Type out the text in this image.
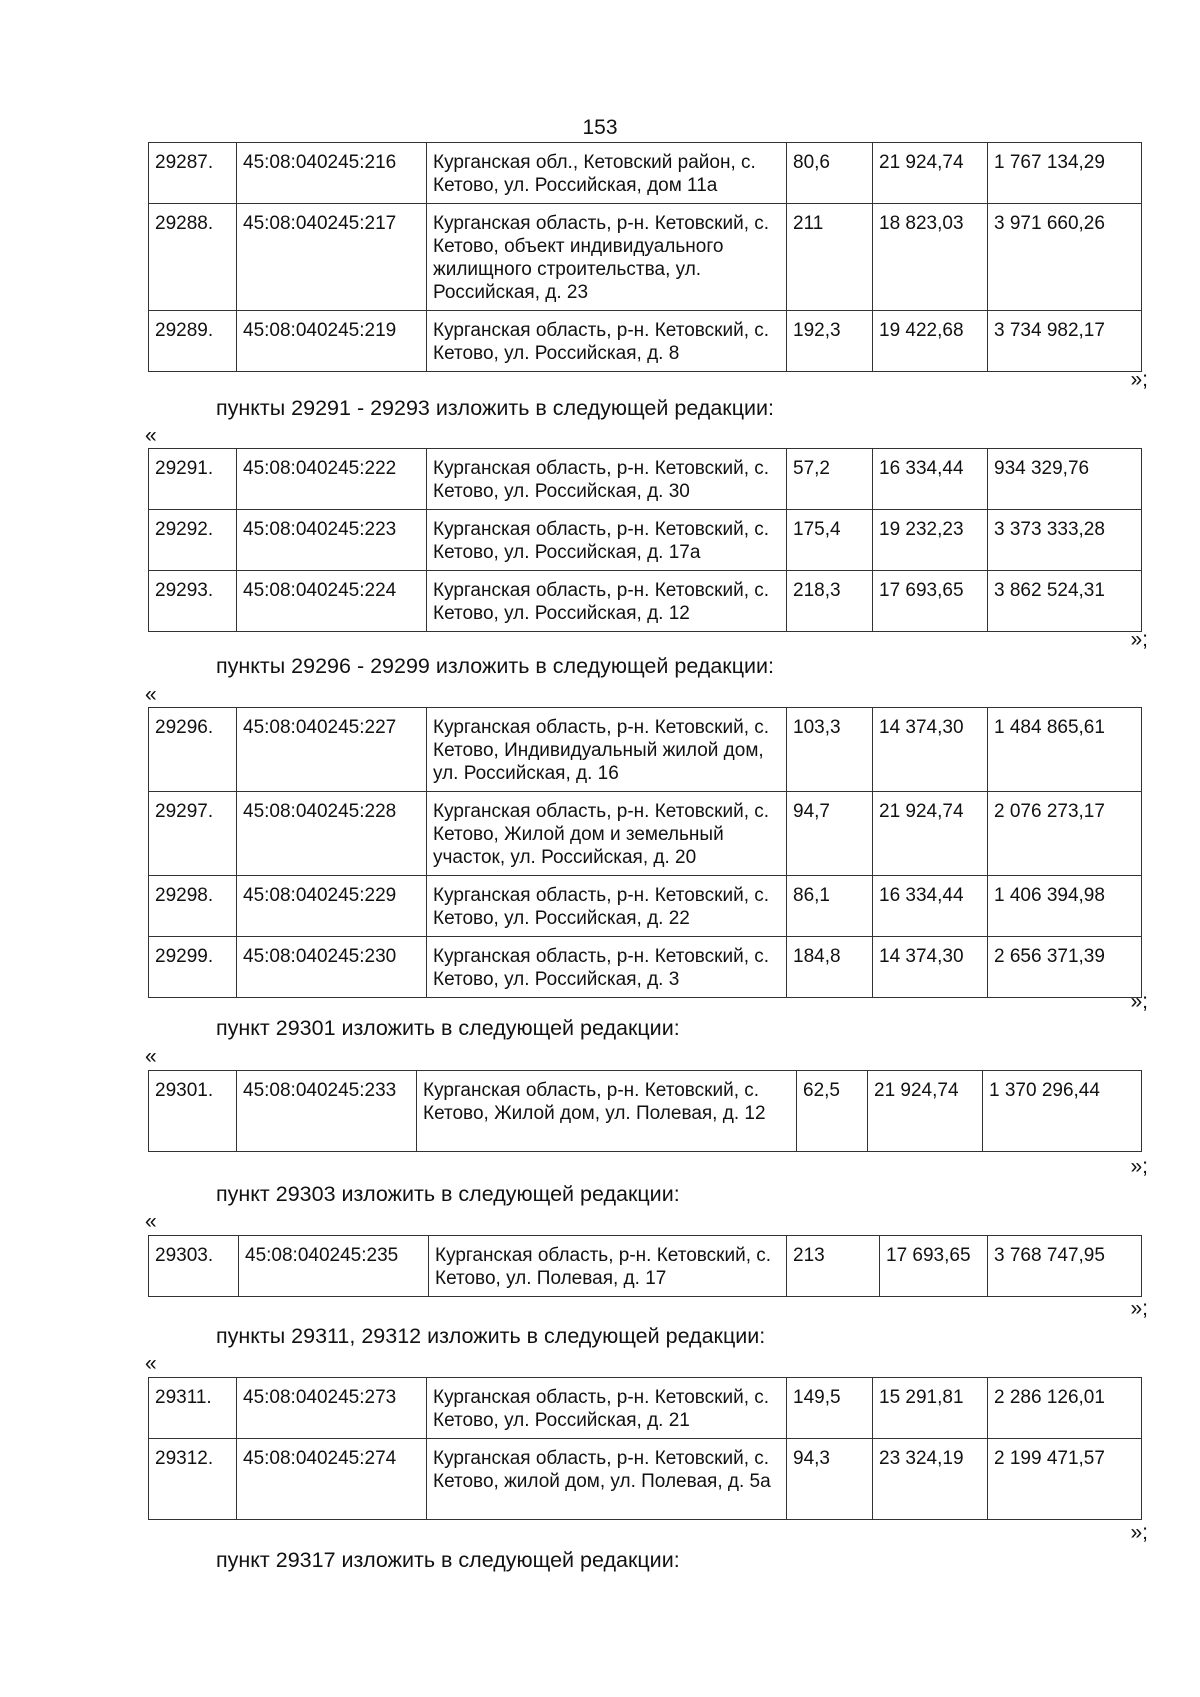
153
29287.	45:08:040245:216	Курганская обл., Кетовский район, с. Кетово, ул. Российская, дом 11а	80,6	21 924,74	1 767 134,29
29288.	45:08:040245:217	Курганская область, р-н. Кетовский, с. Кетово, объект индивидуального жилищного строительства, ул. Российская, д. 23	211	18 823,03	3 971 660,26
29289.	45:08:040245:219	Курганская область, р-н. Кетовский, с. Кетово, ул. Российская, д. 8	192,3	19 422,68	3 734 982,17
»;
пункты 29291 - 29293 изложить в следующей редакции:
«
29291.	45:08:040245:222	Курганская область, р-н. Кетовский, с. Кетово, ул. Российская, д. 30	57,2	16 334,44	934 329,76
29292.	45:08:040245:223	Курганская область, р-н. Кетовский, с. Кетово, ул. Российская, д. 17а	175,4	19 232,23	3 373 333,28
29293.	45:08:040245:224	Курганская область, р-н. Кетовский, с. Кетово, ул. Российская, д. 12	218,3	17 693,65	3 862 524,31
»;
пункты 29296 - 29299 изложить в следующей редакции:
«
29296.	45:08:040245:227	Курганская область, р-н. Кетовский, с. Кетово, Индивидуальный жилой дом, ул. Российская, д. 16	103,3	14 374,30	1 484 865,61
29297.	45:08:040245:228	Курганская область, р-н. Кетовский, с. Кетово, Жилой дом и земельный участок, ул. Российская, д. 20	94,7	21 924,74	2 076 273,17
29298.	45:08:040245:229	Курганская область, р-н. Кетовский, с. Кетово, ул. Российская, д. 22	86,1	16 334,44	1 406 394,98
29299.	45:08:040245:230	Курганская область, р-н. Кетовский, с. Кетово, ул. Российская, д. 3	184,8	14 374,30	2 656 371,39
»;
пункт 29301 изложить в следующей редакции:
«
29301.	45:08:040245:233	Курганская область, р-н. Кетовский, с. Кетово, Жилой дом, ул. Полевая, д. 12	62,5	21 924,74	1 370 296,44
»;
пункт 29303 изложить в следующей редакции:
«
29303.	45:08:040245:235	Курганская область, р-н. Кетовский, с. Кетово, ул. Полевая, д. 17	213	17 693,65	3 768 747,95
»;
пункты 29311, 29312 изложить в следующей редакции:
«
29311.	45:08:040245:273	Курганская область, р-н. Кетовский, с. Кетово, ул. Российская, д. 21	149,5	15 291,81	2 286 126,01
29312.	45:08:040245:274	Курганская область, р-н. Кетовский, с. Кетово, жилой дом, ул. Полевая, д. 5а	94,3	23 324,19	2 199 471,57
»;
пункт 29317 изложить в следующей редакции:
